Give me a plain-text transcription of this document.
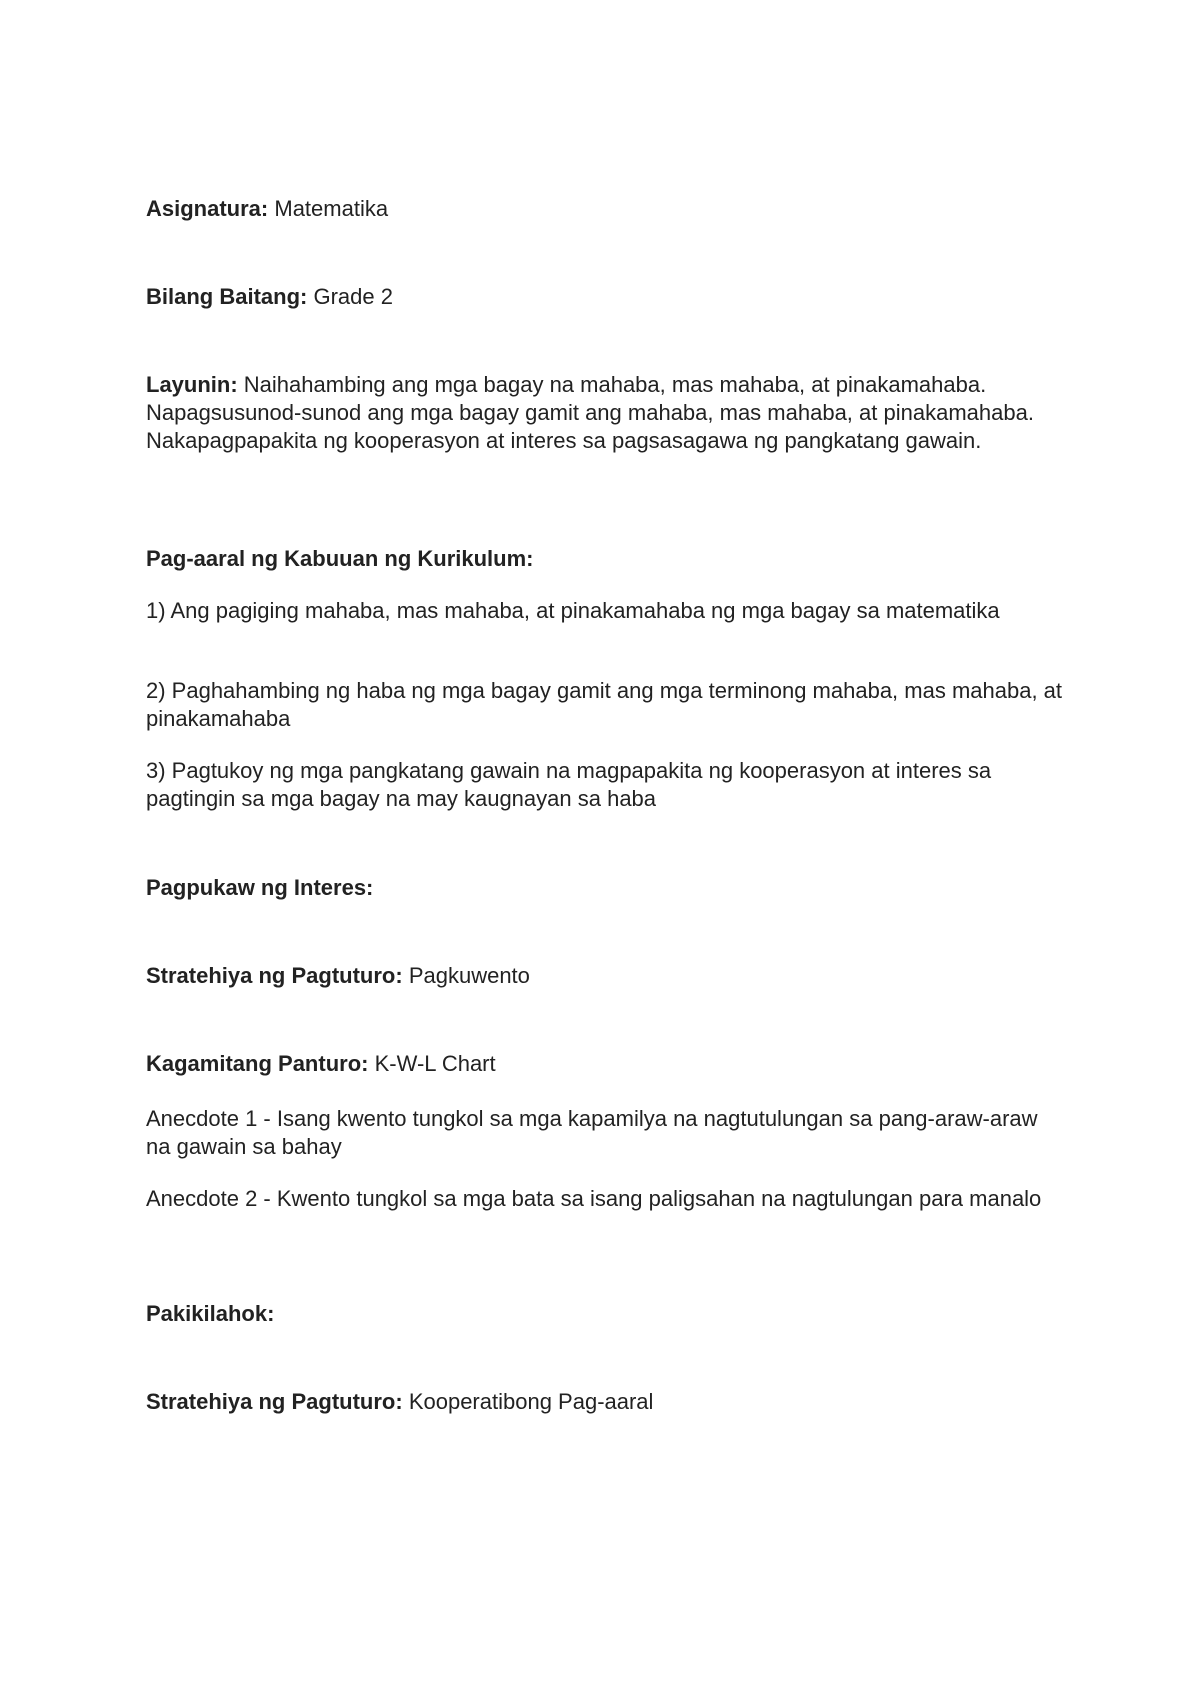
Asignatura: Matematika

Bilang Baitang: Grade 2

Layunin: Naihahambing ang mga bagay na mahaba, mas mahaba, at pinakamahaba. Napagsusunod-sunod ang mga bagay gamit ang mahaba, mas mahaba, at pinakamahaba. Nakapagpapakita ng kooperasyon at interes sa pagsasagawa ng pangkatang gawain.

Pag-aaral ng Kabuuan ng Kurikulum:

1) Ang pagiging mahaba, mas mahaba, at pinakamahaba ng mga bagay sa matematika

2) Paghahambing ng haba ng mga bagay gamit ang mga terminong mahaba, mas mahaba, at pinakamahaba

3) Pagtukoy ng mga pangkatang gawain na magpapakita ng kooperasyon at interes sa pagtingin sa mga bagay na may kaugnayan sa haba

Pagpukaw ng Interes:

Stratehiya ng Pagtuturo: Pagkuwento

Kagamitang Panturo: K-W-L Chart

Anecdote 1 - Isang kwento tungkol sa mga kapamilya na nagtutulungan sa pang-araw-araw na gawain sa bahay

Anecdote 2 - Kwento tungkol sa mga bata sa isang paligsahan na nagtulungan para manalo

Pakikilahok:

Stratehiya ng Pagtuturo: Kooperatibong Pag-aaral
